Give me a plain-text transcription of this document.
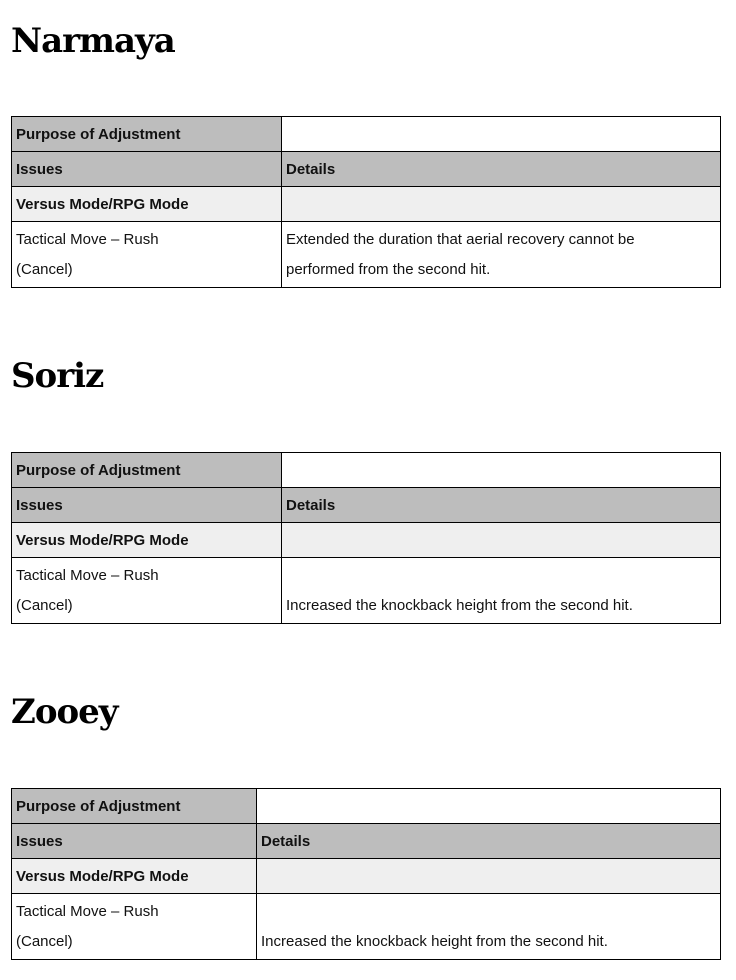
Narmaya
Purpose of Adjustment	
Issues	Details
Versus Mode/RPG Mode	

Tactical Move – Rush
(Cancel)	Extended the duration that aerial recovery cannot be performed from the second hit.
Soriz
Purpose of Adjustment	
Issues	Details
Versus Mode/RPG Mode	

Tactical Move – Rush
(Cancel)	Increased the knockback height from the second hit.
Zooey
Purpose of Adjustment	
Issues	Details
Versus Mode/RPG Mode	

Tactical Move – Rush
(Cancel)	Increased the knockback height from the second hit.
